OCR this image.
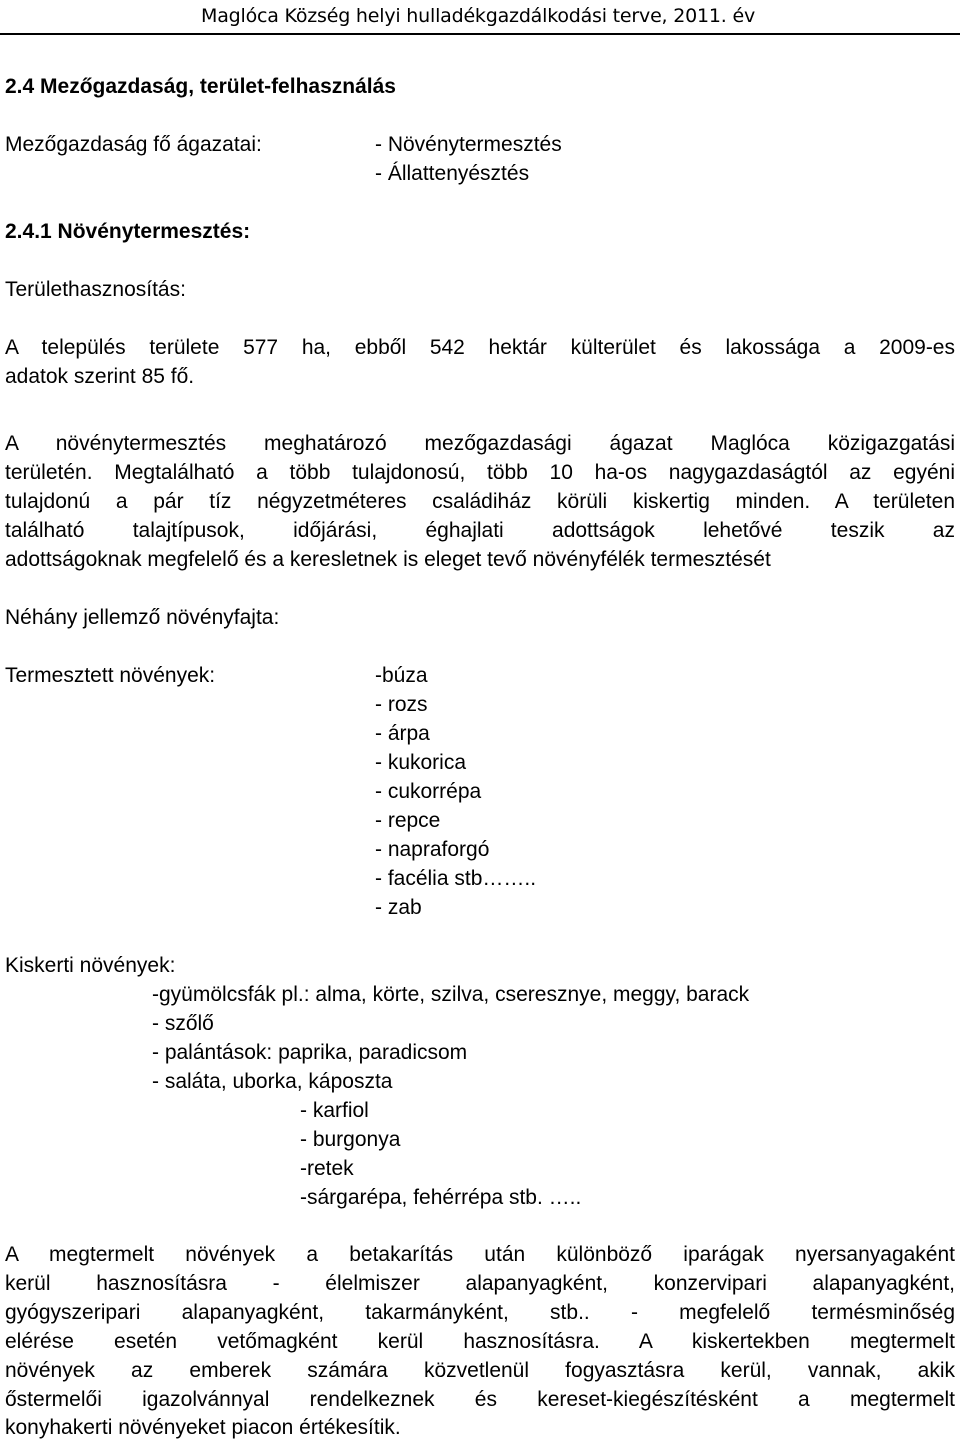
Maglóca Község helyi hulladékgazdálkodási terve, 2011. év
2.4 Mezőgazdaság, terület-felhasználás
Mezőgazdaság fő ágazatai:	- Növénytermesztés
- Állattenyésztés
2.4.1 Növénytermesztés:
Területhasznosítás:
A település területe 577 ha, ebből 542 hektár külterület és lakossága a 2009-es
adatok szerint 85 fő.
A növénytermesztés meghatározó mezőgazdasági ágazat Maglóca közigazgatási
területén. Megtalálható a több tulajdonosú, több 10 ha-os nagygazdaságtól az egyéni
tulajdonú a pár tíz négyzetméteres családiház körüli kiskertig minden. A területen
található talajtípusok, időjárási, éghajlati adottságok lehetővé teszik az
adottságoknak megfelelő és a keresletnek is eleget tevő növényfélék termesztését
Néhány jellemző növényfajta:
Termesztett növények:	-búza
- rozs
- árpa
- kukorica
- cukorrépa
- repce
- napraforgó
- facélia stb……..
- zab
Kiskerti növények:
-gyümölcsfák pl.: alma, körte, szilva, cseresznye, meggy, barack
- szőlő
- palántások: paprika, paradicsom
- saláta, uborka, káposzta
- karfiol
- burgonya
-retek
-sárgarépa, fehérrépa stb. …..
A megtermelt növények a betakarítás után különböző iparágak nyersanyagaként
kerül hasznosításra - élelmiszer alapanyagként, konzervipari alapanyagként,
gyógyszeripari alapanyagként, takarmányként, stb.. - megfelelő termésminőség
elérése esetén vetőmagként kerül hasznosításra. A kiskertekben megtermelt
növények az emberek számára közvetlenül fogyasztásra kerül, vannak, akik
őstermelői igazolvánnyal rendelkeznek és kereset-kiegészítésként a megtermelt
konyhakerti növényeket piacon értékesítik.
